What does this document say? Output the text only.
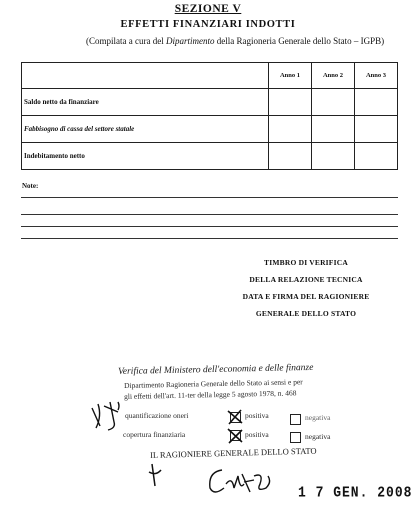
SEZIONE V
EFFETTI FINANZIARI INDOTTI
(Compilata a cura del Dipartimento della Ragioneria Generale dello Stato – IGPB)
	Anno 1	Anno 2	Anno 3
Saldo netto da finanziare			
Fabbisogno di cassa del settore statale			
Indebitamento netto			
Note:
TIMBRO DI VERIFICA
DELLA RELAZIONE TECNICA
DATA E FIRMA DEL RAGIONIERE
GENERALE DELLO STATO
Verifica del Ministero dell'economia e delle finanze
Dipartimento Ragioneria Generale dello Stato ai sensi e per
gli effetti dell'art. 11-ter della legge 5 agosto 1978, n. 468
quantificazione oneri	positiva	negativa
copertura finanziaria	positiva	negativa
IL RAGIONIERE GENERALE DELLO STATO
1 7 GEN. 2008
